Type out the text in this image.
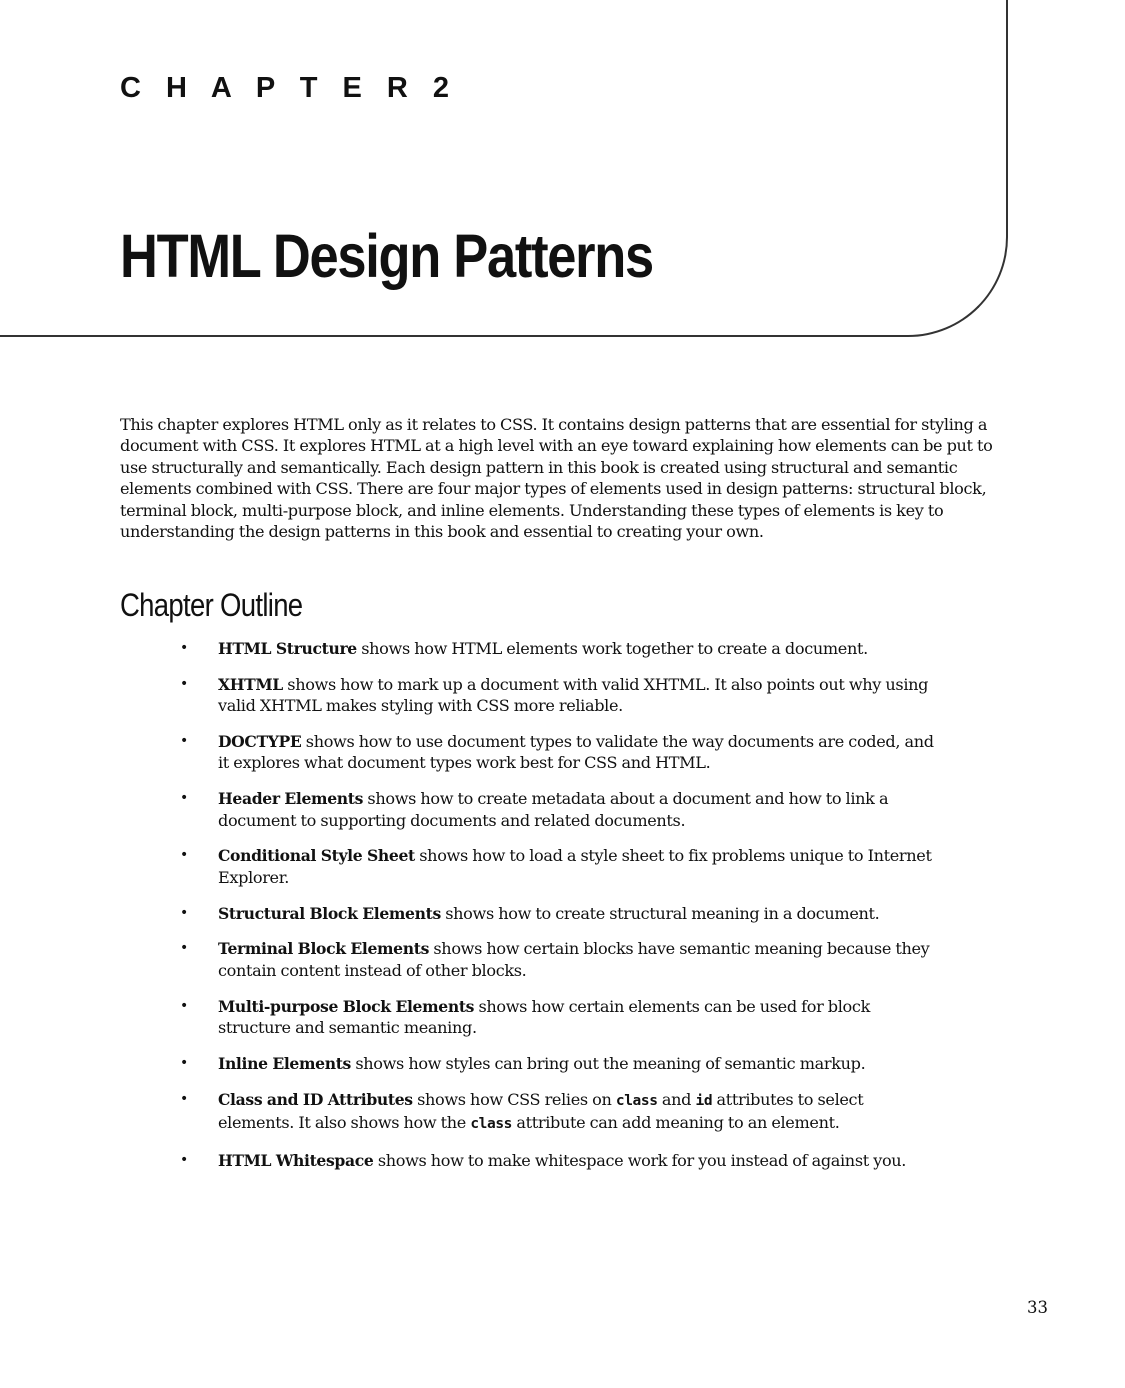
C H A P T E R 2
HTML Design Patterns

This chapter explores HTML only as it relates to CSS. It contains design patterns that are essential for styling a document with CSS. It explores HTML at a high level with an eye toward explaining how elements can be put to use structurally and semantically. Each design pattern in this book is created using structural and semantic elements combined with CSS. There are four major types of elements used in design patterns: structural block, terminal block, multi-purpose block, and inline elements. Understanding these types of elements is key to understanding the design patterns in this book and essential to creating your own.

Chapter Outline
• HTML Structure shows how HTML elements work together to create a document.
• XHTML shows how to mark up a document with valid XHTML. It also points out why using valid XHTML makes styling with CSS more reliable.
• DOCTYPE shows how to use document types to validate the way documents are coded, and it explores what document types work best for CSS and HTML.
• Header Elements shows how to create metadata about a document and how to link a document to supporting documents and related documents.
• Conditional Style Sheet shows how to load a style sheet to fix problems unique to Internet Explorer.
• Structural Block Elements shows how to create structural meaning in a document.
• Terminal Block Elements shows how certain blocks have semantic meaning because they contain content instead of other blocks.
• Multi-purpose Block Elements shows how certain elements can be used for block structure and semantic meaning.
• Inline Elements shows how styles can bring out the meaning of semantic markup.
• Class and ID Attributes shows how CSS relies on class and id attributes to select elements. It also shows how the class attribute can add meaning to an element.
• HTML Whitespace shows how to make whitespace work for you instead of against you.

33
